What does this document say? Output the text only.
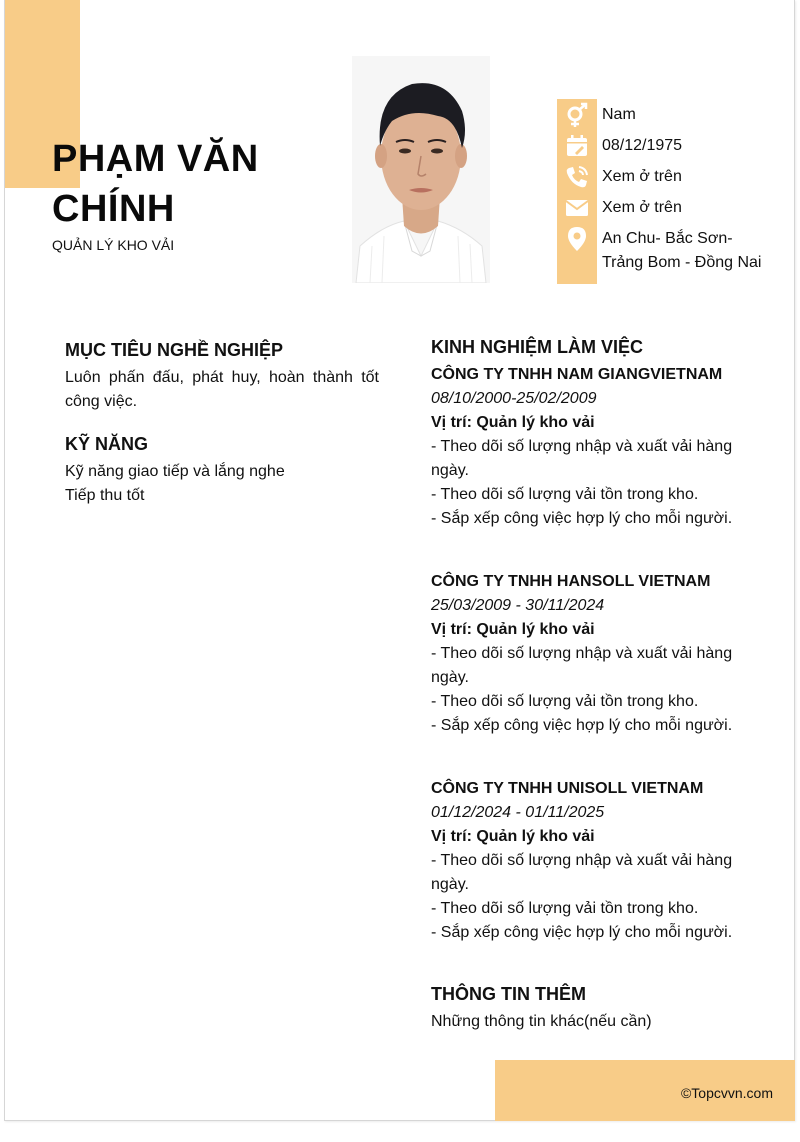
PHẠM VĂN
CHÍNH
QUẢN LÝ KHO VẢI
Nam
08/12/1975
Xem ở trên
Xem ở trên
An Chu- Bắc Sơn- Trảng Bom - Đồng Nai
MỤC TIÊU NGHỀ NGHIỆP
Luôn phấn đấu, phát huy, hoàn thành tốt công việc.
KỸ NĂNG
Kỹ năng giao tiếp và lắng nghe
Tiếp thu tốt
KINH NGHIỆM LÀM VIỆC
CÔNG TY TNHH NAM GIANGVIETNAM
08/10/2000-25/02/2009
Vị trí: Quản lý kho vải
- Theo dõi số lượng nhập và xuất vải hàng ngày.
- Theo dõi số lượng vải tồn trong kho.
- Sắp xếp công việc hợp lý cho mỗi người.
CÔNG TY TNHH HANSOLL VIETNAM
25/03/2009 - 30/11/2024
Vị trí: Quản lý kho vải
- Theo dõi số lượng nhập và xuất vải hàng ngày.
- Theo dõi số lượng vải tồn trong kho.
- Sắp xếp công việc hợp lý cho mỗi người.
CÔNG TY TNHH UNISOLL VIETNAM
01/12/2024 - 01/11/2025
Vị trí: Quản lý kho vải
- Theo dõi số lượng nhập và xuất vải hàng ngày.
- Theo dõi số lượng vải tồn trong kho.
- Sắp xếp công việc hợp lý cho mỗi người.
THÔNG TIN THÊM
Những thông tin khác(nếu cần)
©Topcvvn.com
